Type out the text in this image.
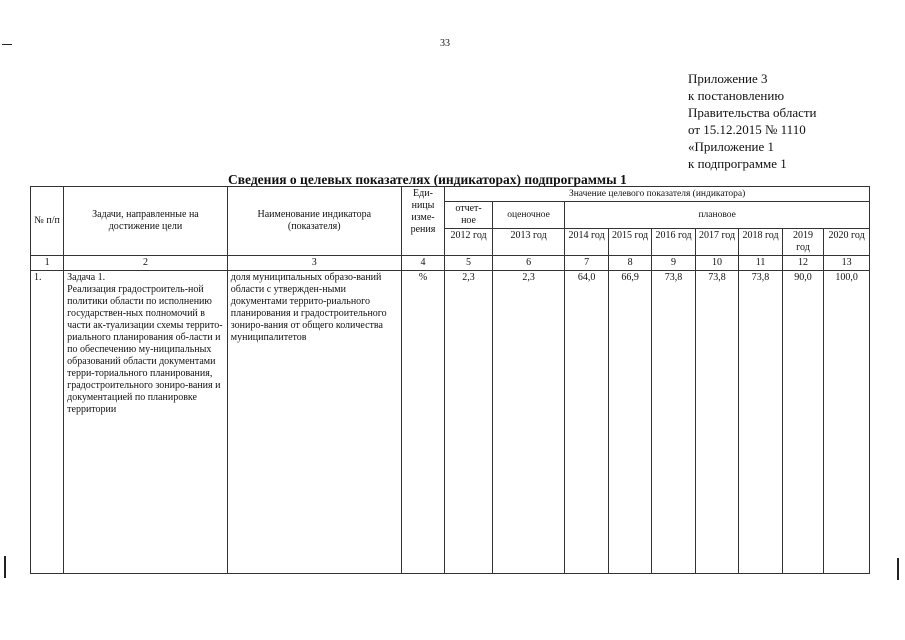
33
Приложение 3
к постановлению
Правительства области
от 15.12.2015 № 1110
«Приложение 1
к подпрограмме 1
Сведения о целевых показателях (индикаторах) подпрограммы 1
№ п/п	Задачи, направленные на достижение цели	Наименование индикатора (показателя)	Еди-ницы изме-рения	Значение целевого показателя (индикатора)								
				отчет-ное	оценочное	плановое						
				2012 год	2013 год	2014 год	2015 год	2016 год	2017 год	2018 год	2019 год	2020 год
1	2	3	4	5	6	7	8	9	10	11	12	13
1.	Задача 1.
Реализация градостроитель-ной политики области по исполнению государствен-ных полномочий в части ак-туализации схемы террито-риального планирования об-ласти и по обеспечению му-ниципальных образований области документами терри-ториального планирования, градостроительного зониро-вания и документацией по планировке территории	доля муниципальных образо-ваний области с утвержден-ными документами террито-риального планирования и градостроительного зониро-вания от общего количества муниципалитетов	%	2,3	2,3	64,0	66,9	73,8	73,8	73,8	90,0	100,0
